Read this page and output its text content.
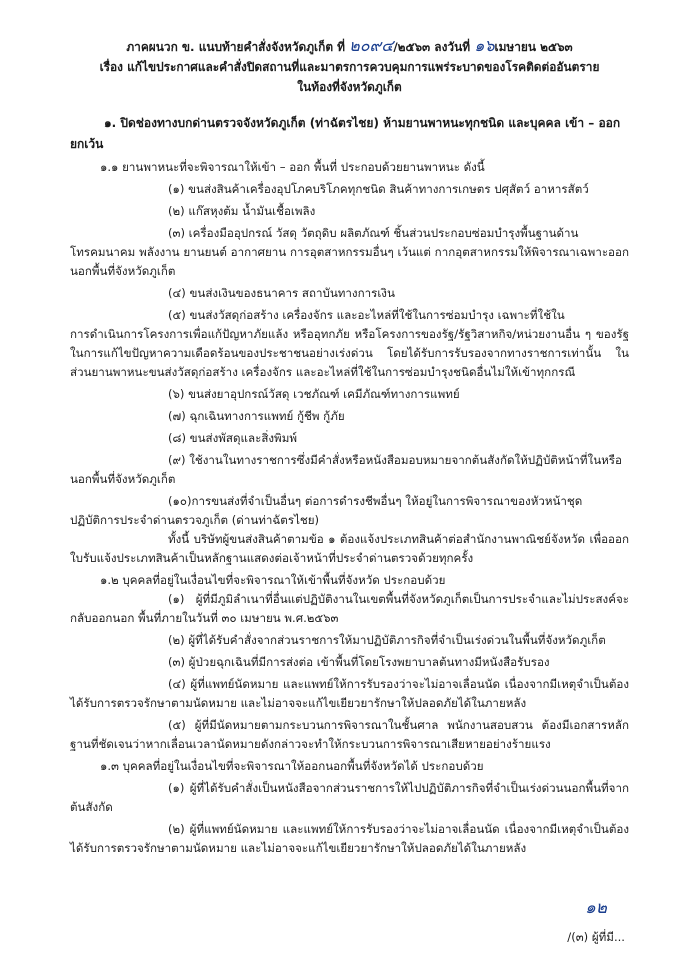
ภาคผนวก ข. แนบท้ายคำสั่งจังหวัดภูเก็ต ที่ ๒๐๙๔/๒๕๖๓ ลงวันที่ ๑๖เมษายน ๒๕๖๓
เรื่อง แก้ไขประกาศและคำสั่งปิดสถานที่และมาตรการควบคุมการแพร่ระบาดของโรคติดต่ออันตราย
ในท้องที่จังหวัดภูเก็ต
๑. ปิดช่องทางบกด่านตรวจจังหวัดภูเก็ต (ท่าฉัตรไชย) ห้ามยานพาหนะทุกชนิด และบุคคล เข้า – ออก ยกเว้น
๑.๑ ยานพาหนะที่จะพิจารณาให้เข้า – ออก พื้นที่ ประกอบด้วยยานพาหนะ ดังนี้
(๑) ขนส่งสินค้าเครื่องอุปโภคบริโภคทุกชนิด สินค้าทางการเกษตร ปศุสัตว์ อาหารสัตว์
(๒) แก๊สหุงต้ม น้ำมันเชื้อเพลิง
(๓) เครื่องมืออุปกรณ์ วัสดุ วัตถุดิบ ผลิตภัณฑ์ ชิ้นส่วนประกอบซ่อมบำรุงพื้นฐานด้าน
โทรคมนาคม พลังงาน ยานยนต์ อากาศยาน การอุตสาหกรรมอื่นๆ เว้นแต่ กากอุตสาหกรรมให้พิจารณาเฉพาะออกนอกพื้นที่จังหวัดภูเก็ต
(๔) ขนส่งเงินของธนาคาร สถาบันทางการเงิน
(๕) ขนส่งวัสดุก่อสร้าง เครื่องจักร และอะไหล่ที่ใช้ในการซ่อมบำรุง เฉพาะที่ใช้ใน
การดำเนินการโครงการเพื่อแก้ปัญหาภัยแล้ง หรืออุทกภัย หรือโครงการของรัฐ/รัฐวิสาหกิจ/หน่วยงานอื่น ๆ ของรัฐในการแก้ไขปัญหาความเดือดร้อนของประชาชนอย่างเร่งด่วน โดยได้รับการรับรองจากทางราชการเท่านั้น ในส่วนยานพาหนะขนส่งวัสดุก่อสร้าง เครื่องจักร และอะไหล่ที่ใช้ในการซ่อมบำรุงชนิดอื่นไม่ให้เข้าทุกกรณี
(๖) ขนส่งยาอุปกรณ์วัสดุ เวชภัณฑ์ เคมีภัณฑ์ทางการแพทย์
(๗) ฉุกเฉินทางการแพทย์ กู้ชีพ กู้ภัย
(๘) ขนส่งพัสดุและสิ่งพิมพ์
(๙) ใช้งานในทางราชการซึ่งมีคำสั่งหรือหนังสือมอบหมายจากต้นสังกัดให้ปฏิบัติหน้าที่ในหรือ
นอกพื้นที่จังหวัดภูเก็ต
(๑๐)การขนส่งที่จำเป็นอื่นๆ ต่อการดำรงชีพอื่นๆ ให้อยู่ในการพิจารณาของหัวหน้าชุด
ปฏิบัติการประจำด่านตรวจภูเก็ต (ด่านท่าฉัตรไชย)
ทั้งนี้ บริษัทผู้ขนส่งสินค้าตามข้อ ๑ ต้องแจ้งประเภทสินค้าต่อสำนักงานพาณิชย์จังหวัด เพื่อออกใบรับแจ้งประเภทสินค้าเป็นหลักฐานแสดงต่อเจ้าหน้าที่ประจำด่านตรวจด้วยทุกครั้ง
๑.๒ บุคคลที่อยู่ในเงื่อนไขที่จะพิจารณาให้เข้าพื้นที่จังหวัด ประกอบด้วย
(๑) ผู้ที่มีภูมิลำเนาที่อื่นแต่ปฏิบัติงานในเขตพื้นที่จังหวัดภูเก็ตเป็นการประจำและไม่ประสงค์จะกลับออกนอก พื้นที่ภายในวันที่ ๓๐ เมษายน พ.ศ.๒๕๖๓
(๒) ผู้ที่ได้รับคำสั่งจากส่วนราชการให้มาปฏิบัติภารกิจที่จำเป็นเร่งด่วนในพื้นที่จังหวัดภูเก็ต
(๓) ผู้ป่วยฉุกเฉินที่มีการส่งต่อ เข้าพื้นที่โดยโรงพยาบาลต้นทางมีหนังสือรับรอง
(๔) ผู้ที่แพทย์นัดหมาย และแพทย์ให้การรับรองว่าจะไม่อาจเลื่อนนัด เนื่องจากมีเหตุจำเป็นต้องได้รับการตรวจรักษาตามนัดหมาย และไม่อาจจะแก้ไขเยียวยารักษาให้ปลอดภัยได้ในภายหลัง
(๕) ผู้ที่มีนัดหมายตามกระบวนการพิจารณาในชั้นศาล พนักงานสอบสวน ต้องมีเอกสารหลักฐานที่ชัดเจนว่าหากเลื่อนเวลานัดหมายดังกล่าวจะทำให้กระบวนการพิจารณาเสียหายอย่างร้ายแรง
๑.๓ บุคคลที่อยู่ในเงื่อนไขที่จะพิจารณาให้ออกนอกพื้นที่จังหวัดได้ ประกอบด้วย
(๑) ผู้ที่ได้รับคำสั่งเป็นหนังสือจากส่วนราชการให้ไปปฏิบัติภารกิจที่จำเป็นเร่งด่วนนอกพื้นที่จากต้นสังกัด
(๒) ผู้ที่แพทย์นัดหมาย และแพทย์ให้การรับรองว่าจะไม่อาจเลื่อนนัด เนื่องจากมีเหตุจำเป็นต้องได้รับการตรวจรักษาตามนัดหมาย และไม่อาจจะแก้ไขเยียวยารักษาให้ปลอดภัยได้ในภายหลัง
๑๒
/(๓) ผู้ที่มี...
